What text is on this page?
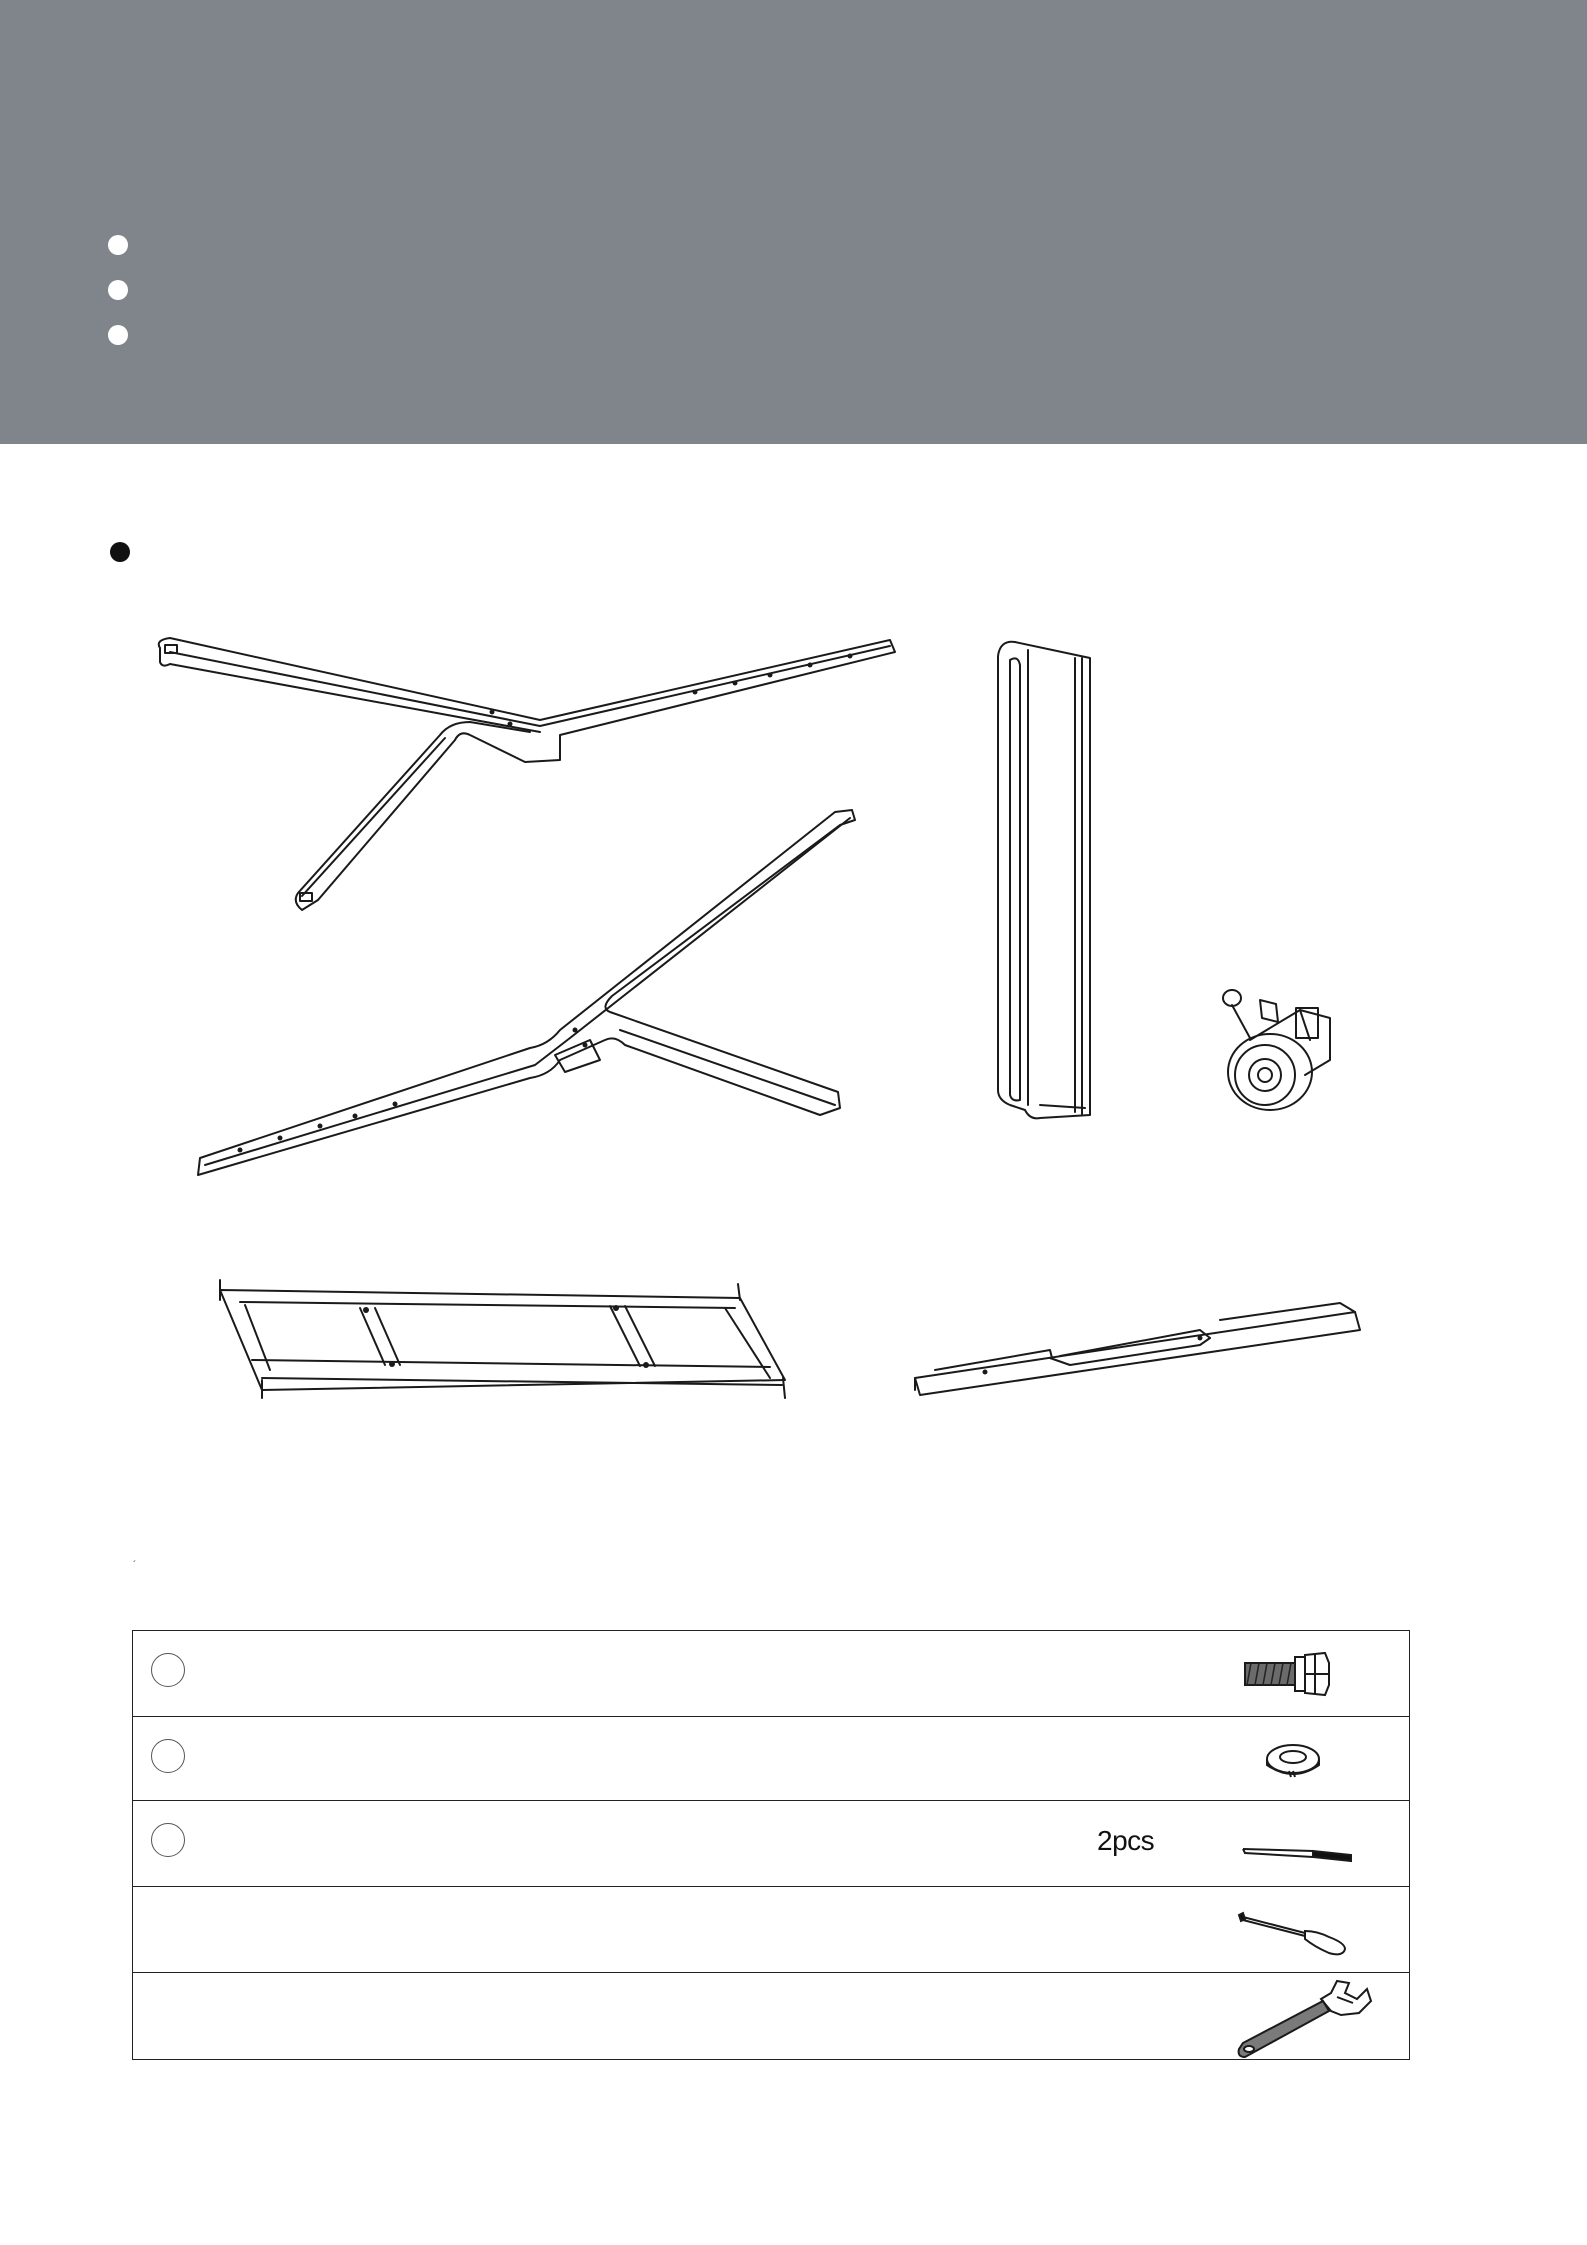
´
2pcs
